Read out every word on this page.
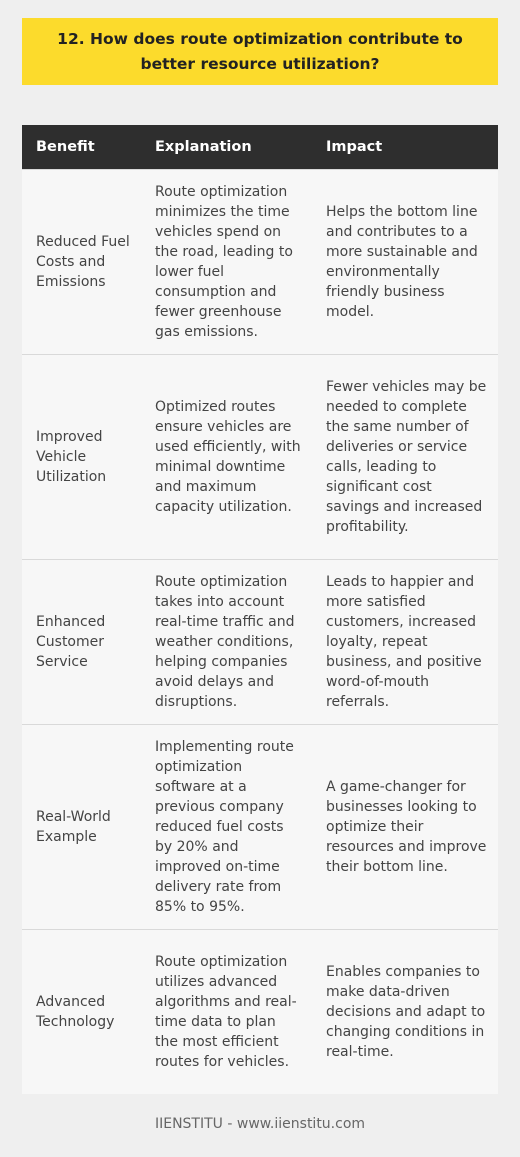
12. How does route optimization contribute to better resource utilization?
Benefit	Explanation	Impact
Reduced Fuel Costs and Emissions	Route optimization minimizes the time vehicles spend on the road, leading to lower fuel consumption and fewer greenhouse gas emissions.	Helps the bottom line and contributes to a more sustainable and environmentally friendly business model.
Improved Vehicle Utilization	Optimized routes ensure vehicles are used efficiently, with minimal downtime and maximum capacity utilization.	Fewer vehicles may be needed to complete the same number of deliveries or service calls, leading to significant cost savings and increased profitability.
Enhanced Customer Service	Route optimization takes into account real-time traffic and weather conditions, helping companies avoid delays and disruptions.	Leads to happier and more satisfied customers, increased loyalty, repeat business, and positive word-of-mouth referrals.
Real-World Example	Implementing route optimization software at a previous company reduced fuel costs by 20% and improved on-time delivery rate from 85% to 95%.	A game-changer for businesses looking to optimize their resources and improve their bottom line.
Advanced Technology	Route optimization utilizes advanced algorithms and real-time data to plan the most efficient routes for vehicles.	Enables companies to make data-driven decisions and adapt to changing conditions in real-time.
IIENSTITU - www.iienstitu.com
